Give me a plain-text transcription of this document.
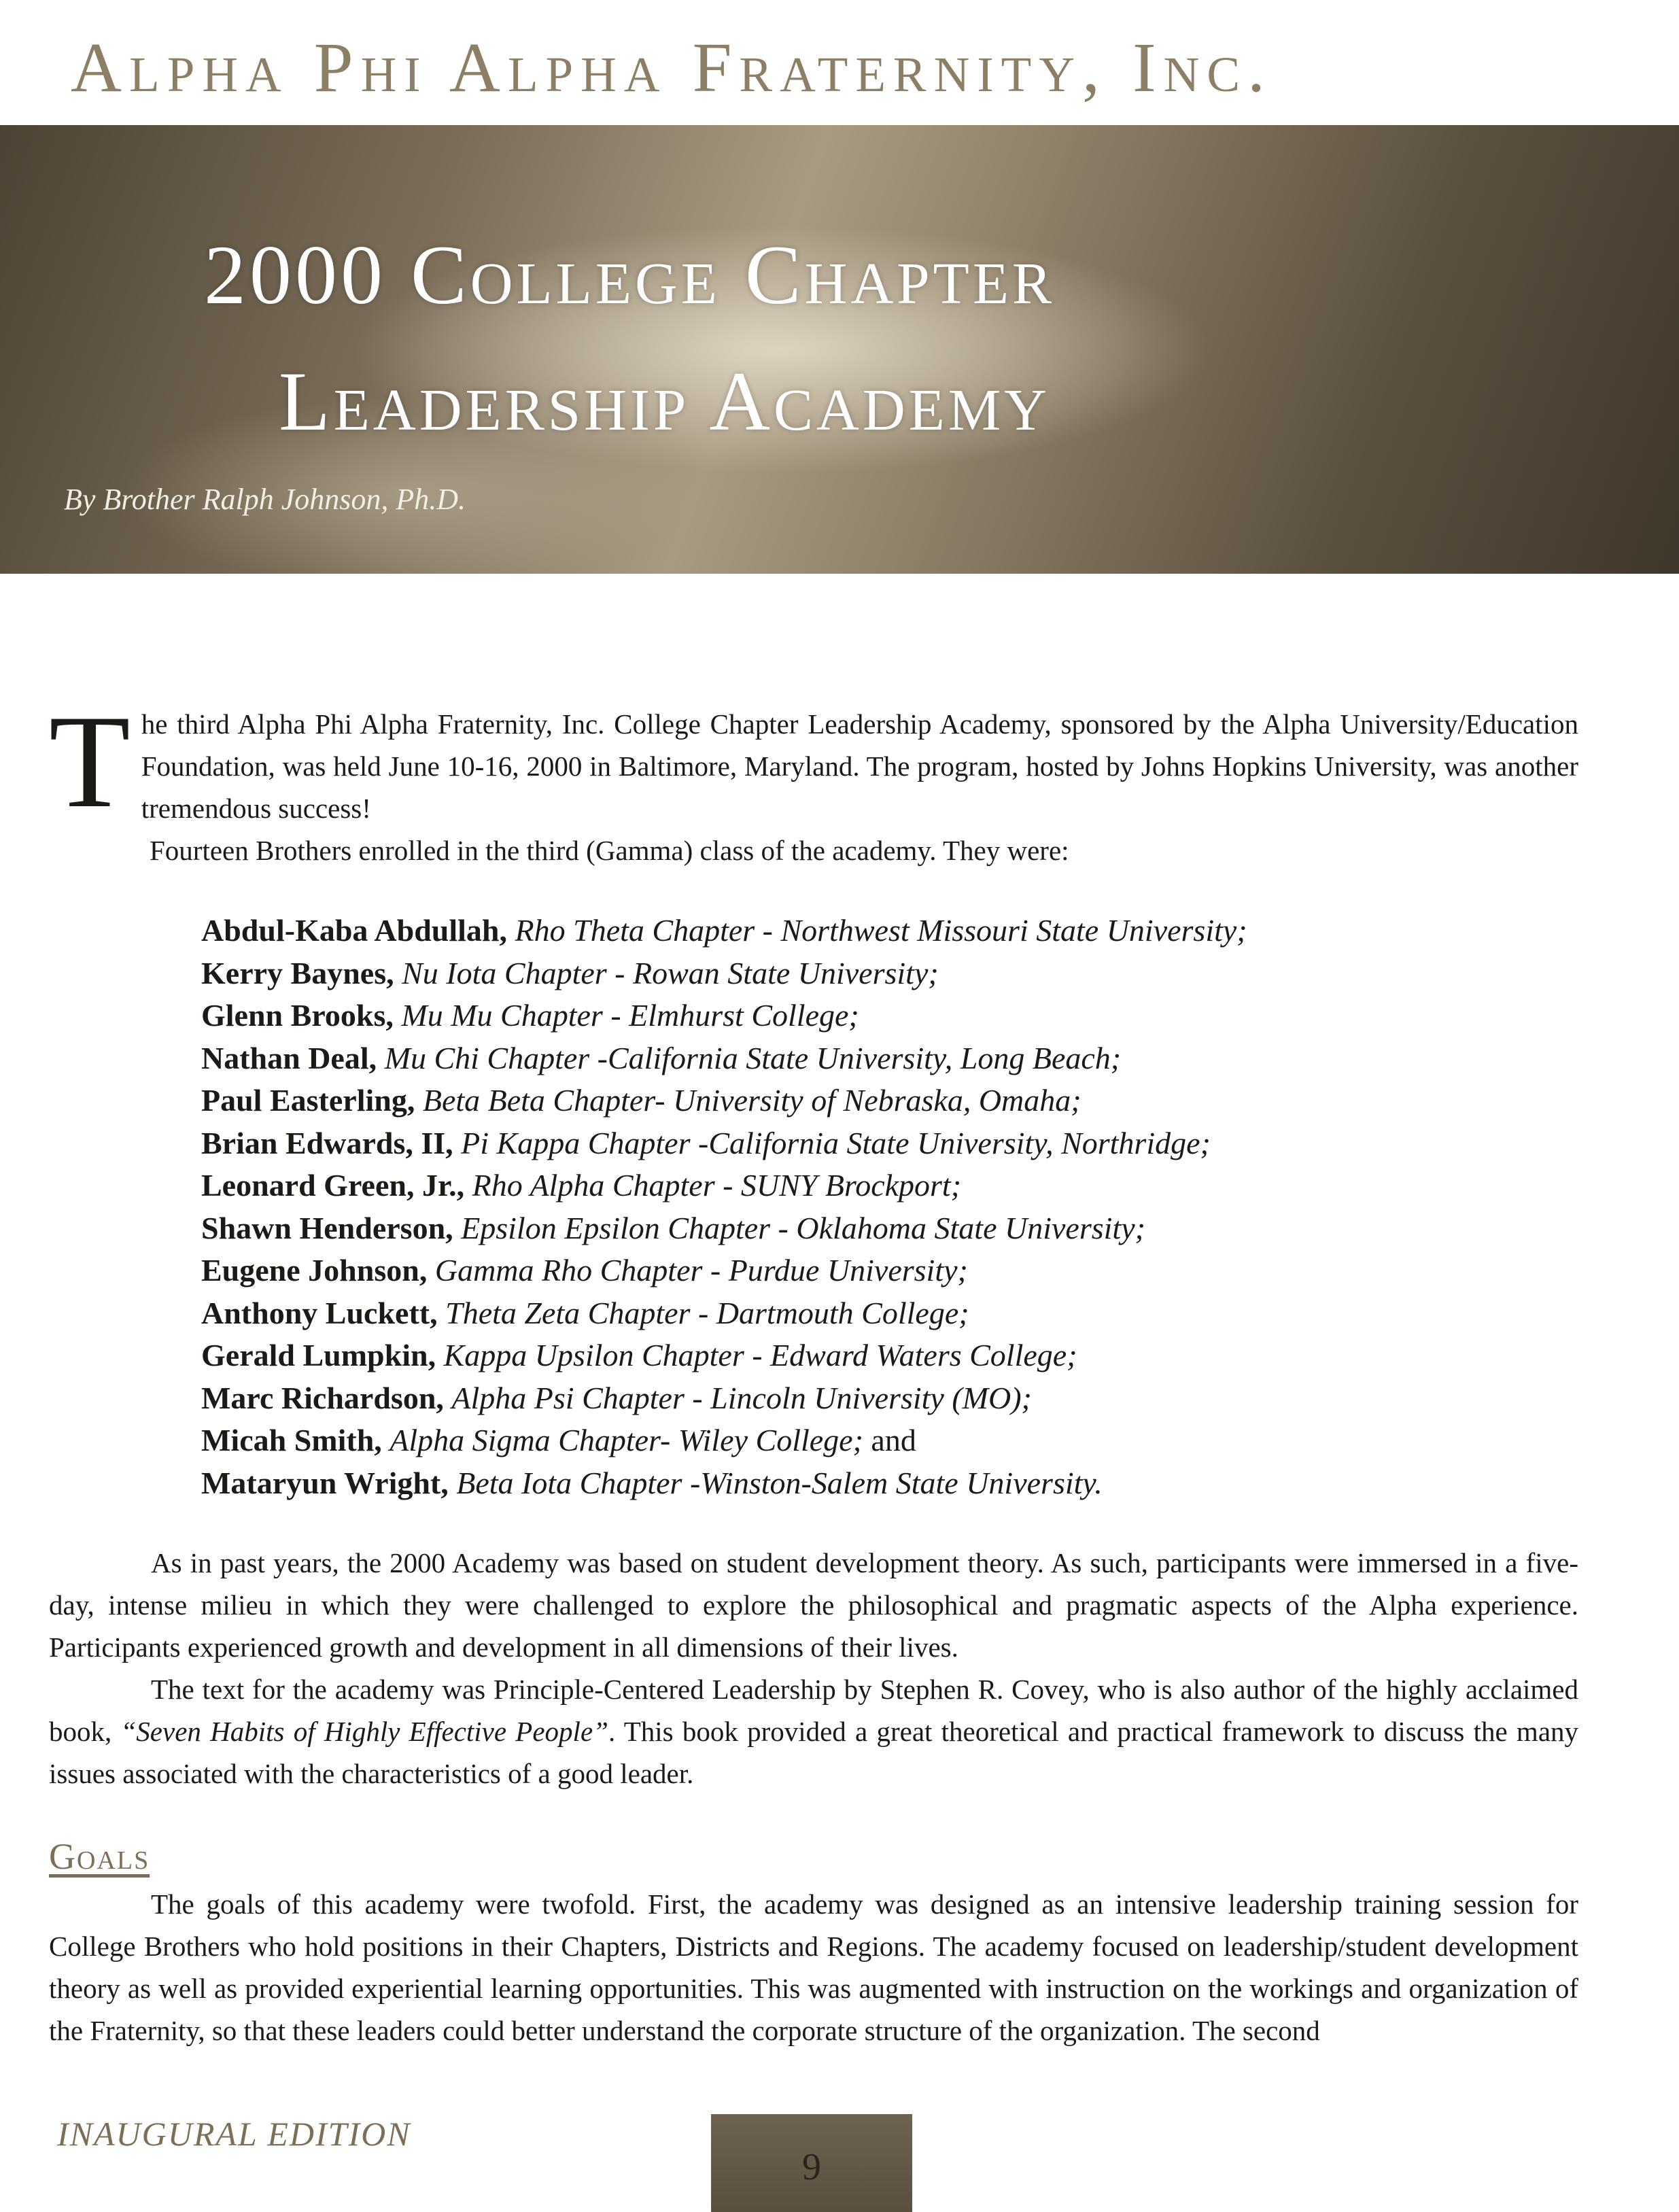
Alpha Phi Alpha Fraternity, Inc.
2000 College Chapter
Leadership Academy
By Brother Ralph Johnson, Ph.D.

The third Alpha Phi Alpha Fraternity, Inc. College Chapter Leadership Academy, sponsored by the Alpha University/Education Foundation, was held June 10-16, 2000 in Baltimore, Maryland. The program, hosted by Johns Hopkins University, was another tremendous success!

Fourteen Brothers enrolled in the third (Gamma) class of the academy. They were:

Abdul-Kaba Abdullah, Rho Theta Chapter - Northwest Missouri State University;
Kerry Baynes, Nu Iota Chapter - Rowan State University;
Glenn Brooks, Mu Mu Chapter - Elmhurst College;
Nathan Deal, Mu Chi Chapter -California State University, Long Beach;
Paul Easterling, Beta Beta Chapter- University of Nebraska, Omaha;
Brian Edwards, II, Pi Kappa Chapter -California State University, Northridge;
Leonard Green, Jr., Rho Alpha Chapter - SUNY Brockport;
Shawn Henderson, Epsilon Epsilon Chapter - Oklahoma State University;
Eugene Johnson, Gamma Rho Chapter - Purdue University;
Anthony Luckett, Theta Zeta Chapter - Dartmouth College;
Gerald Lumpkin, Kappa Upsilon Chapter - Edward Waters College;
Marc Richardson, Alpha Psi Chapter - Lincoln University (MO);
Micah Smith, Alpha Sigma Chapter- Wiley College; and
Mataryun Wright, Beta Iota Chapter -Winston-Salem State University.

As in past years, the 2000 Academy was based on student development theory. As such, participants were immersed in a five-day, intense milieu in which they were challenged to explore the philosophical and pragmatic aspects of the Alpha experience. Participants experienced growth and development in all dimensions of their lives.

The text for the academy was Principle-Centered Leadership by Stephen R. Covey, who is also author of the highly acclaimed book, “Seven Habits of Highly Effective People”. This book provided a great theoretical and practical framework to discuss the many issues associated with the characteristics of a good leader.

Goals

The goals of this academy were twofold. First, the academy was designed as an intensive leadership training session for College Brothers who hold positions in their Chapters, Districts and Regions. The academy focused on leadership/student development theory as well as provided experiential learning opportunities. This was augmented with instruction on the workings and organization of the Fraternity, so that these leaders could better understand the corporate structure of the organization. The second

INAUGURAL EDITION
9
